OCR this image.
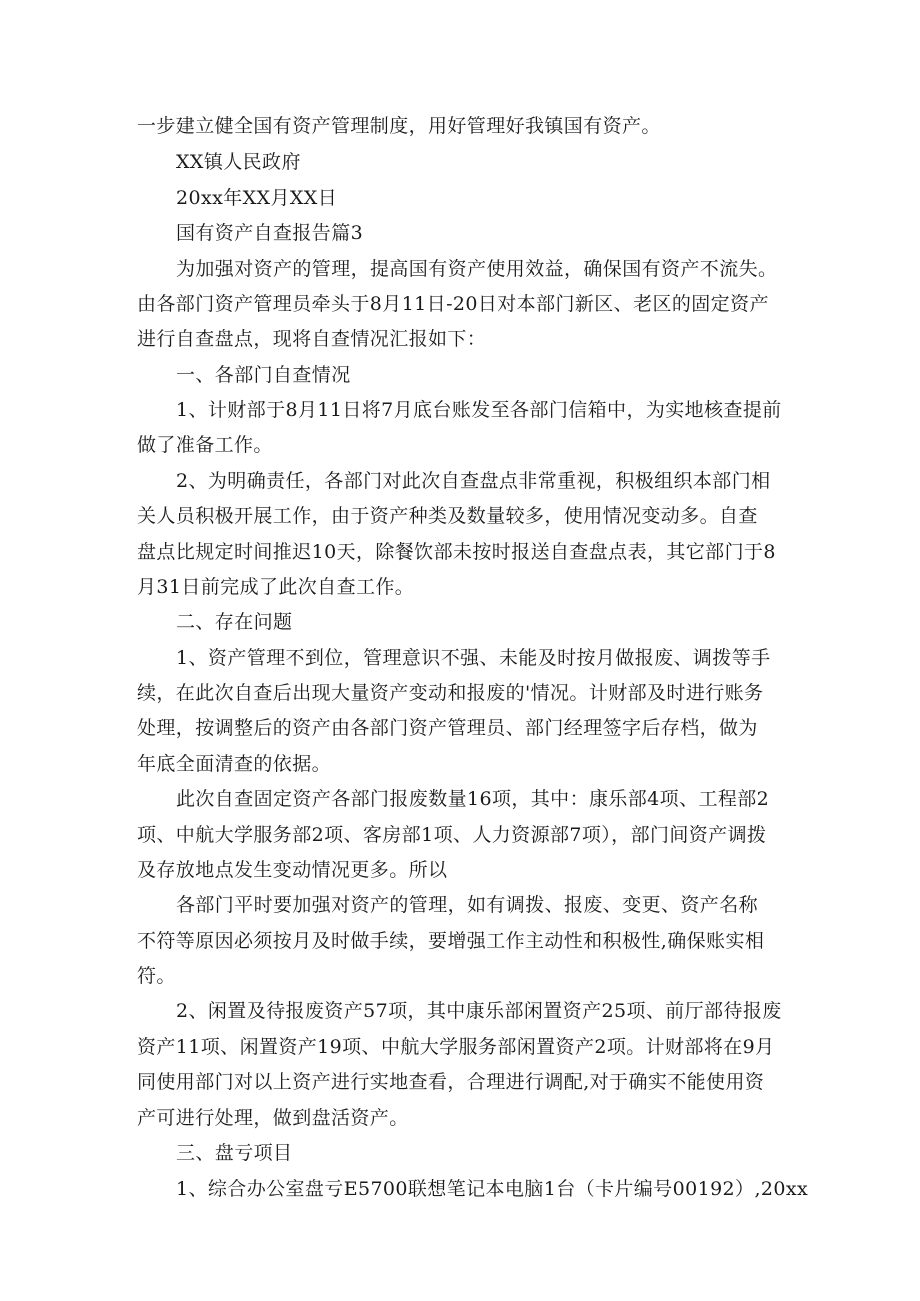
一步建立健全国有资产管理制度，用好管理好我镇国有资产。
XX镇人民政府
20xx年XX月XX日
国有资产自查报告篇3
为加强对资产的管理，提高国有资产使用效益，确保国有资产不流失。
由各部门资产管理员牵头于8月11日-20日对本部门新区、老区的固定资产
进行自查盘点，现将自查情况汇报如下：
一、各部门自查情况
1、计财部于8月11日将7月底台账发至各部门信箱中，为实地核查提前
做了准备工作。
2、为明确责任，各部门对此次自查盘点非常重视，积极组织本部门相
关人员积极开展工作，由于资产种类及数量较多，使用情况变动多。自查
盘点比规定时间推迟10天，除餐饮部未按时报送自查盘点表，其它部门于8
月31日前完成了此次自查工作。
二、存在问题
1、资产管理不到位，管理意识不强、未能及时按月做报废、调拨等手
续，在此次自查后出现大量资产变动和报废的'情况。计财部及时进行账务
处理，按调整后的资产由各部门资产管理员、部门经理签字后存档，做为
年底全面清查的依据。
此次自查固定资产各部门报废数量16项，其中：康乐部4项、工程部2
项、中航大学服务部2项、客房部1项、人力资源部7项），部门间资产调拨
及存放地点发生变动情况更多。所以
各部门平时要加强对资产的管理，如有调拨、报废、变更、资产名称
不符等原因必须按月及时做手续，要增强工作主动性和积极性,确保账实相
符。
2、闲置及待报废资产57项，其中康乐部闲置资产25项、前厅部待报废
资产11项、闲置资产19项、中航大学服务部闲置资产2项。计财部将在9月
同使用部门对以上资产进行实地查看，合理进行调配,对于确实不能使用资
产可进行处理，做到盘活资产。
三、盘亏项目
1、综合办公室盘亏E5700联想笔记本电脑1台（卡片编号00192）,20xx
